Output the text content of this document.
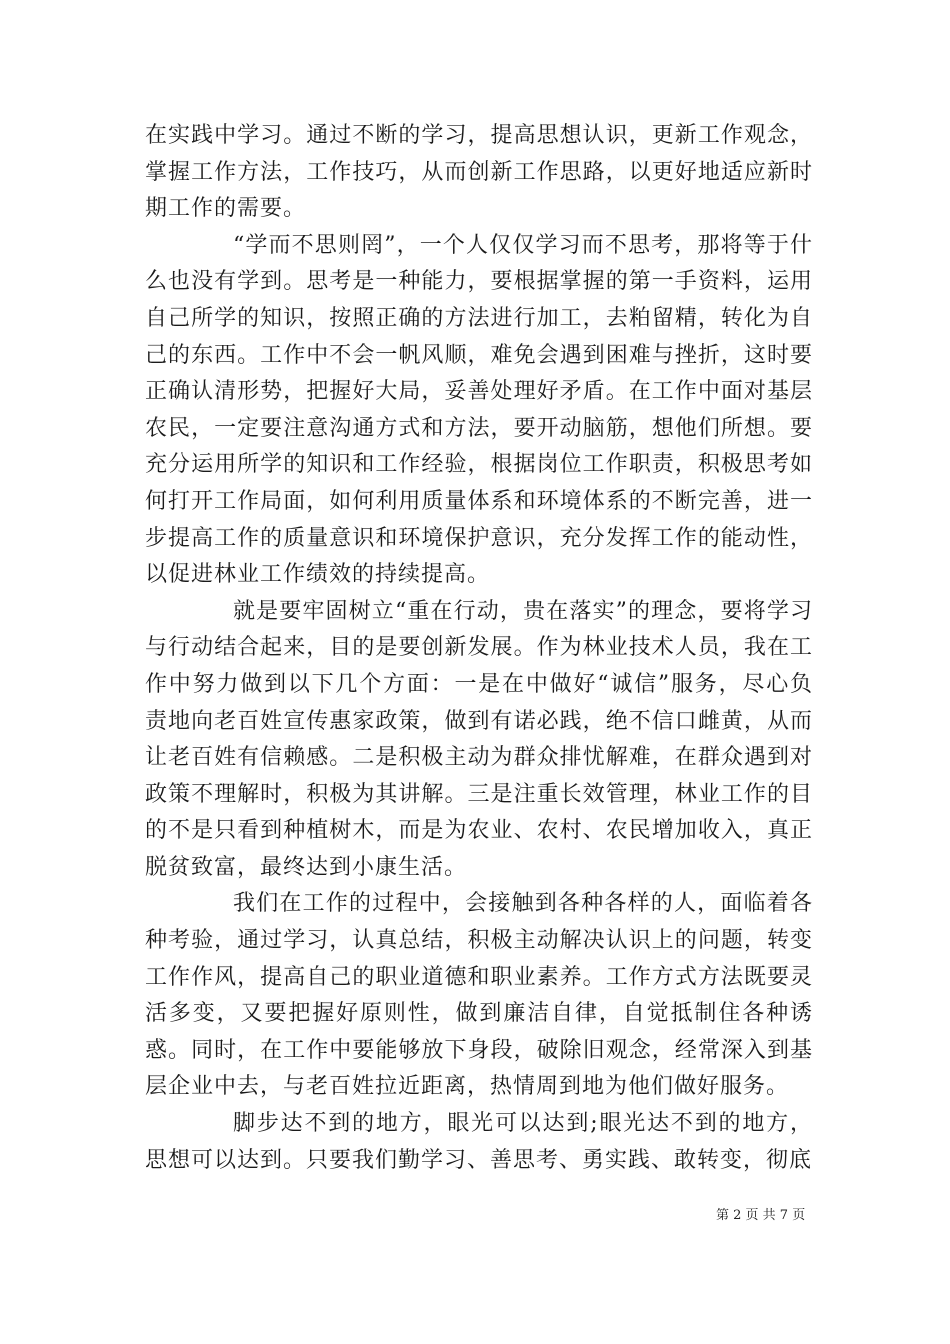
在实践中学习。通过不断的学习，提高思想认识，更新工作观念，掌握工作方法，工作技巧，从而创新工作思路，以更好地适应新时期工作的需要。

“学而不思则罔”，一个人仅仅学习而不思考，那将等于什么也没有学到。思考是一种能力，要根据掌握的第一手资料，运用自己所学的知识，按照正确的方法进行加工，去粕留精，转化为自己的东西。工作中不会一帆风顺，难免会遇到困难与挫折，这时要正确认清形势，把握好大局，妥善处理好矛盾。在工作中面对基层农民，一定要注意沟通方式和方法，要开动脑筋，想他们所想。要充分运用所学的知识和工作经验，根据岗位工作职责，积极思考如何打开工作局面，如何利用质量体系和环境体系的不断完善，进一步提高工作的质量意识和环境保护意识，充分发挥工作的能动性，以促进林业工作绩效的持续提高。

就是要牢固树立“重在行动，贵在落实”的理念，要将学习与行动结合起来，目的是要创新发展。作为林业技术人员，我在工作中努力做到以下几个方面：一是在中做好“诚信”服务，尽心负责地向老百姓宣传惠家政策，做到有诺必践，绝不信口雌黄，从而让老百姓有信赖感。二是积极主动为群众排忧解难，在群众遇到对政策不理解时，积极为其讲解。三是注重长效管理，林业工作的目的不是只看到种植树木，而是为农业、农村、农民增加收入，真正脱贫致富，最终达到小康生活。

我们在工作的过程中，会接触到各种各样的人，面临着各种考验，通过学习，认真总结，积极主动解决认识上的问题，转变工作作风，提高自己的职业道德和职业素养。工作方式方法既要灵活多变，又要把握好原则性，做到廉洁自律，自觉抵制住各种诱惑。同时，在工作中要能够放下身段，破除旧观念，经常深入到基层企业中去，与老百姓拉近距离，热情周到地为他们做好服务。

脚步达不到的地方，眼光可以达到;眼光达不到的地方，思想可以达到。只要我们勤学习、善思考、勇实践、敢转变，彻底

第 2 页 共 7 页
